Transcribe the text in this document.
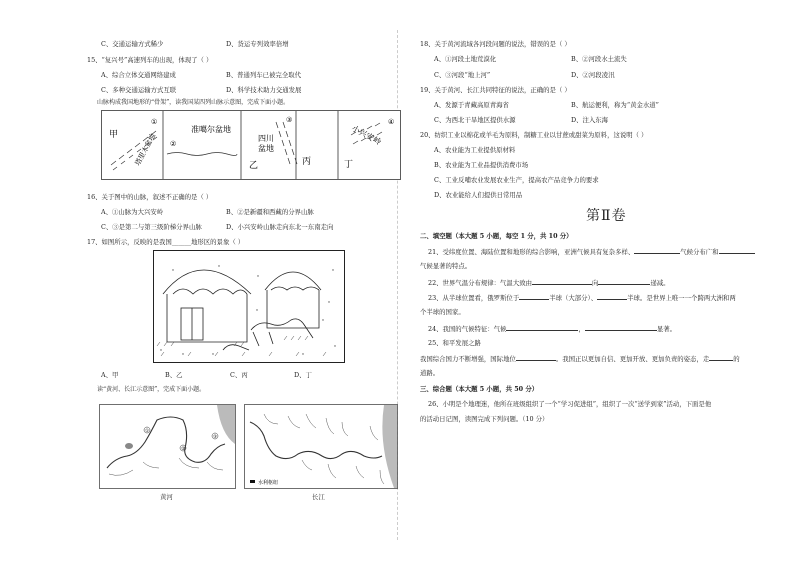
C、交通运输方式稀少	D、货运专列效率倍增
15、“复兴号”高速列车的出现，体现了（ ）
A、综合立体交通网络建成	B、普通列车已被完全取代
C、多种交通运输方式互联	D、科学技术助力交通发展
山脉构成我国地形的“骨架”，读我国某四列山脉示意图，完成下面小题。
甲
乙	丙	丁
①
②
③	④
塔里木盆地
准噶尔盆地
四川
盆地
小兴安岭
16、关于图中的山脉，叙述不正确的是（ ）
A、①山脉为大兴安岭	B、②是新疆和西藏的分界山脉
C、③是第二与第三级阶梯分界山脉	D、小兴安岭山脉走向东北一东南走向
17、如图所示，反映的是我国______地形区的景象（ ）
A、甲	B、乙	C、丙	D、丁
读“黄河、长江示意图”，完成下面小题。
①
②
③
黄河
水利枢纽
长江
18、关于黄河流域各河段问题的说法，错误的是（ ）
A、①河段土地荒漠化	B、②河段水土流失
C、③河段“地上河”	D、②河段凌汛
19、关于黄河、长江共同特征的说法，正确的是（ ）
A、发源于青藏高原青海省	B、航运便利，称为“黄金水道”
C、为西北干旱地区提供水源	D、注入东海
20、纺织工业以棉花或羊毛为原料，制糖工业以甘蔗或甜菜为原料，这说明（ ）
A、农业能为工业提供原材料
B、农业能为工业品提供消费市场
C、工业反哺农业发展农业生产，提高农产品竞争力的要求
D、农业能给人们提供日常用品
第Ⅱ卷
二、填空题（本大题 5 小题，每空 1 分，共 10 分）
21、受纬度位置、海陆位置和地形的综合影响，亚洲气候具有复杂多样、	气候分布广和
气候显著的特点。
22、世界气温分布规律：气温大致由	向	递减。
23、从半球位置看，俄罗斯位于	半球（大部分）、	半球。是世界上唯一一个跨两大洲和两
个半球的国家。
24、我国的气候特征：气候	，	显著。
25、和平发展之路
我国综合国力不断增强，国际地位	。我国正以更加自信、更加开放、更加负责的姿态，走	的
道路。
三、综合题（本大题 5 小题，共 50 分）
26、小明是个地理迷，他所在班级组织了一个“学习促进组”，组织了一次“送学到家”活动，下面是他
的活动日记图，读图完成下列问题。（10 分）
